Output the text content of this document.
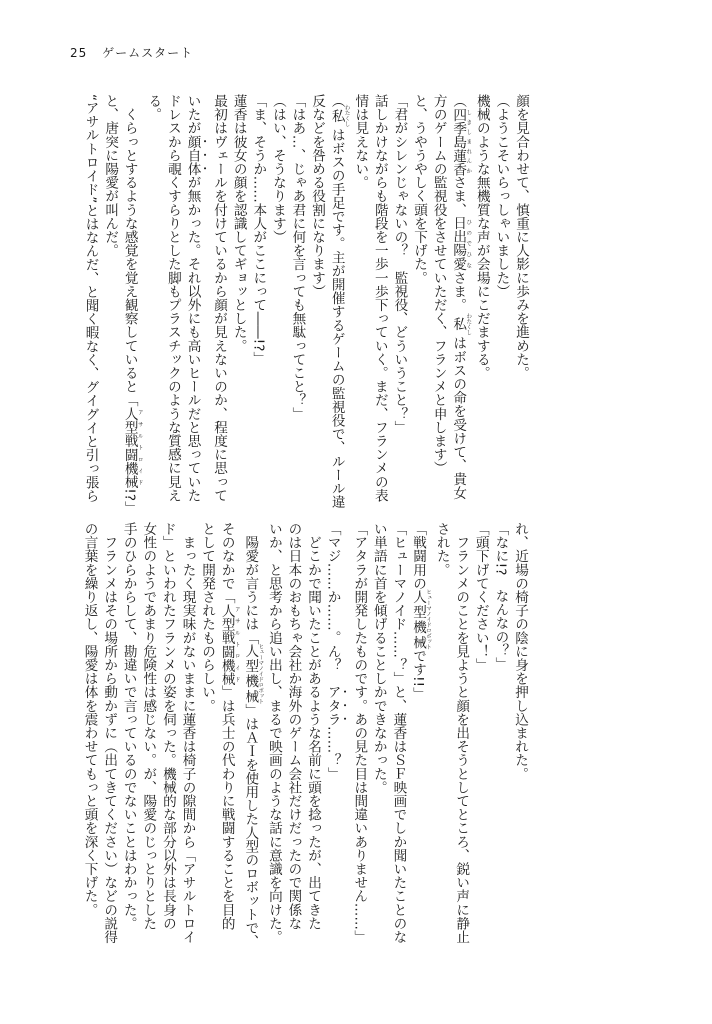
25 ゲームスタート
顔を見合わせて、慎重に人影に歩みを進めた。
（ようこそいらっしゃいました）
機械のような無機質な声が会場にこだまする。
（四季島蓮香 しきしまれんかさま、日出陽愛 ひのでひなさま。 私 わたくし はボスの命を受けて、貴女
方のゲームの監視役をさせていただく、フランメと申します）
と、うやうやしく頭を下げた。
「君がシレンじゃないの？　監視役、どういうこと？」
話しかけながらも階段を一歩一歩下っていく。まだ、フランメの表
情は見えない。
（私 わたくし はボスの手足です。主が開催するゲームの監視役で、ルール違
反などを咎める役割になります）
「はあ…、じゃあ君に何を言っても無駄ってこと？」
（はい、そうなります）
「ま、そうか……本人がここにって――!?」
蓮香は彼女の顔を認識してギョッとした。
最初はヴェールを付けているから顔が見えないのか、程度に思って
いたが顔自体が無かった。それ以外にも高いヒールだと思っていた
ドレスから覗くすらりとした脚もプラスチックのような質感に見え
る。
　くらっとするような感覚を覚え観察していると「人型戦闘機械 アサルトロイド!?」
と、唐突に陽愛が叫んだ。
“アサルトロイド”とはなんだ、と聞く暇なく、グイグイと引っ張ら
れ、近場の椅子の陰に身を押し込まれた。
「なに!?　なんなの？」
「頭下げてください！」
　フランメのことを見ようと顔を出そうとしてところ、鋭い声に静止
された。
「戦闘用の人型機械 ヒューマノイドロボットです!!」
「ヒューマノイド……？」と、蓮香はＳＦ映画でしか聞いたことのな
い単語に首を傾げることしかできなかった。
「アタラが開発したものです。あの見た目は間違いありません……」
「マジ……か……。ん？　アタラ……？」
　どこかで聞いたことがあるような名前に頭を捻ったが、出てきた
のは日本のおもちゃ会社か海外のゲーム会社だけだったので関係な
いか、と思考から追い出し、まるで映画のような話に意識を向けた。
　陽愛が言うには「人型機械 ヒューマノイドロボット」はＡＩを使用した人型のロボットで、
そのなかで「人型戦闘機械 アサルトロイド」は兵士の代わりに戦闘することを目的
として開発されたものらしい。
　まったく現実味がないままに蓮香は椅子の隙間から「アサルトロイ
ド」といわれたフランメの姿を伺った。機械的な部分以外は長身の
女性のようであまり危険性は感じない。が、陽愛のじっとりとした
手のひらからして、勘違いで言っているのでないことはわかった。
　フランメはその場所から動かずに（出てきてください）などの説得
の言葉を繰り返し、陽愛は体を震わせてもっと頭を深く下げた。
